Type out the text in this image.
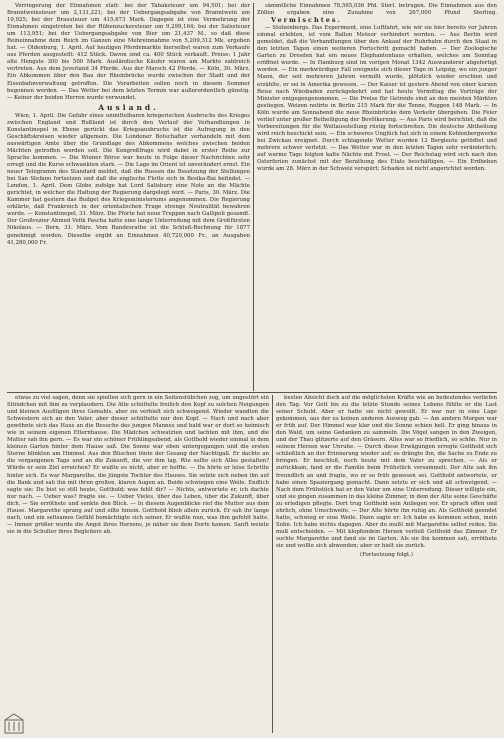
Verringerung der Einnahmen statt: bei der Tabaksteuer um 94,501; bei der Branntweinsteuer um 2,131,221; bei der Uebergangsabgabe von Branntwein um 10,925; bei der Brausteuer um 415,673 Mark. Dagegen ist eine Vermehrung der Einnahmen eingetreten bei der Rübenzuckersteuer um 9,299,164; bei der Salzsteuer um 113,951; bei der Uebergangsabgabe von Bier um 21,437 M., so daß diese Reineinnahme dem Reich im Ganzen eine Mehreinnahme von 5,209,312 Mk. ergeben hat. — Oldenburg, 1. April. Auf heutigen Pferdemarkte hierselbst waren zum Verkaufe aus Pferden ausgestellt: 412 Stück. Davon sind ca. 400 Stück verkauft. Preise: 1 Jahr alte Hengste 300 bis 500 Mark. Ausländische Käufer waren am Markte zahlreich vertreten. Aus dem Jeverland 34 Pferde, Aus der Marsch 42 Pferde. — Köln, 30. März. Ein Abkommen über den Bau der Rheinbrücke wurde zwischen der Stadt und der Eisenbahnverwaltung getroffen. Die Vorarbeiten sollen noch in diesem Sommer begonnen werden. — Das Wetter bei dem letzten Termin war außerordentlich günstig. — Keiner der beiden Herren wurde verwundet.

Ausland.

Wien, 1. April. Die Gefahr eines unmittelbaren kriegerischen Ausbruchs des Krieges zwischen England und Rußland ist durch den Verlauf der Verhandlungen in Konstantinopel in Ebene gerückt das Kriegsausbruchs ist die Aufregung in den Geschäftskreisen wieder allgemein. Die Londoner Botschafter verhandeln mit dem auswärtigen Amte über die Grundlage des Abkommens welches zwischen beiden Mächten getroffen werden soll. Die Kongreßfrage wird dabei in erster Reihe zur Sprache kommen. — Die Wiener Börse war heute in Folge dieser Nachrichten sehr erregt und die Kurse schwankten stark. — Die Lage im Orient ist unverändert ernst. Ein neuer Telegramm des Standard meldet, daß die Russen die Besetzung der Stellungen bei San Stefano fortsetzen und daß die englische Flotte sich in Besika-Bai befindet. — London, 1. April. Dem Globe zufolge hat Lord Salisbury eine Note an die Mächte gerichtet, in welcher die Haltung der Regierung dargelegt wird. — Paris, 30. März. Die Kammer hat gestern das Budget des Kriegsministeriums angenommen. Die Regierung erklärte, daß Frankreich in der orientalischen Frage strenge Neutralität bewahren werde. — Konstantinopel, 31. März. Die Pforte hat neue Truppen nach Gallipoli gesandt. Der Großvezier Ahmed Vefik Pascha hatte eine lange Unterredung mit dem Großfürsten Nikolaus. — Bern, 31. März. Vom Bundesrathe ist die Schluß-Rechnung für 1877 genehmigt worden. Dieselbe ergibt an Einnahmen 40,720,000 Fr., an Ausgaben 41,280,000 Fr.

sämmtliche Einnahmen 78,565,036 Pfd. Sterl. betrugen. Die Einnahmen aus den Zöllen ergaben eine Zunahme von 267,000 Pfund Sterling.Vermischtes.

— Stolzenbergs. Das Experiment, eine Luftfahrt, wie wir sie hier bereits vor Jahren einmal erlebten, ist vom Ballon Meteor verhindert worden. — Aus Berlin wird gemeldet, daß die Verhandlungen über den Ankauf der Ruhrbahn durch den Staat in den letzten Tagen einen weiteren Fortschritt gemacht haben. — Der Zoologische Garten zu Dresden hat ein neues Elephantenhaus erhalten, welches am Sonntag eröffnet wurde. — In Hamburg sind im vorigen Monat 1342 Auswanderer abgefertigt worden. — Ein merkwürdiger Fall ereignete sich dieser Tage in Leipzig, wo ein junger Mann, der seit mehreren Jahren vermißt wurde, plötzlich wieder erschien und erzählte, er sei in Amerika gewesen. — Der Kaiser ist gestern Abend von einer kurzen Reise nach Wiesbaden zurückgekehrt und hat heute Vormittag die Vorträge der Minister entgegengenommen. — Die Preise für Getreide sind an den meisten Märkten gestiegen. Weizen notirte in Berlin 215 Mark für die Tonne, Roggen 148 Mark. — In Köln wurde am Sonnabend die neue Rheinbrücke dem Verkehr übergeben. Die Feier verlief unter großer Betheiligung der Bevölkerung. — Aus Paris wird berichtet, daß die Vorbereitungen für die Weltausstellung rüstig fortschreiten. Die deutsche Abtheilung wird reich beschickt sein. — Ein schweres Unglück hat sich in einem Kohlenbergwerke bei Zwickau ereignet. Durch schlagende Wetter wurden 12 Bergleute getödtet und mehrere schwer verletzt. — Das Wetter war in den letzten Tagen sehr veränderlich; auf warme Tage folgten kalte Nächte mit Frost. — Der Reichstag wird sich nach den Osterferien zunächst mit der Berathung des Etats beschäftigen. — Ein Erdbeben wurde am 28. März in der Schweiz verspürt; Schaden ist nicht angerichtet worden.

etwas zu viel sagen, denn sie spielten sich gern in ein Seitenstübchen zog, um ungestört ein Stündchen mit ihm zu verplaudern. Die Alte schüttelte freilich den Kopf zu solchen Neigungen und kleinen Ausflügen ihres Gemahls, aber sie verhielt sich schweigend. Wieder wandten die Schwestern sich an den Vater, aber dieser schüttelte nur den Kopf. — Nach und nach aber gewöhnte sich das Haus an die Besuche des jungen Mannes und bald war er dort so heimisch wie in seinem eigenen Elternhause. Die Mädchen schwatzten und lachten mit ihm, und die Mutter sah ihn gern. — Es war ein schöner Frühlingsabend, als Gotthold wieder einmal in dem kleinen Garten hinter dem Hause saß. Die Sonne war eben untergegangen und die ersten Sterne blinkten am Himmel. Aus den Büschen tönte der Gesang der Nachtigall. Er dachte an die vergangenen Tage und an die Zukunft, die vor ihm lag. Wie sollte sich Alles gestalten? Würde er sein Ziel erreichen? Er wußte es nicht, aber er hoffte. — Da hörte er leise Schritte hinter sich. Es war Margarethe, die jüngste Tochter des Hauses. Sie setzte sich neben ihn auf die Bank und sah ihn mit ihren großen, klaren Augen an. Beide schwiegen eine Weile. Endlich sagte sie: Du bist so still heute, Gotthold; was fehlt dir? — Nichts, antwortete er, ich dachte nur nach. — Ueber was? fragte sie. — Ueber Vieles, über das Leben, über die Zukunft, über dich. — Sie erröthete und senkte den Blick. — In diesem Augenblicke rief die Mutter aus dem Hause. Margarethe sprang auf und eilte hinein. Gotthold blieb allein zurück. Er sah ihr lange nach, und ein seltsames Gefühl bemächtigte sich seiner. Er wußte nun, was ihm gefehlt hatte. — Immer größer wurde die Angst ihres Herzens, je näher sie dem Dorfe kamen. Sanft weinte sie in die Schulter ihres Begleiters ab.

besten Absicht doch auf die möglichsten Kräfte wie an bedeutendes verliefen den Tag. Vor Gott bis zu die letzte Stunde seines Lebens fühlte er die Last seiner Schuld. Aber er hatte sie nicht gewollt. Er war nur in eine Lage gekommen, aus der es keinen anderen Ausweg gab. — Am andern Morgen war er früh auf. Der Himmel war klar und die Sonne schien hell. Er ging hinaus in den Wald, um seine Gedanken zu sammeln. Die Vögel sangen in den Zweigen, und der Thau glitzerte auf den Gräsern. Alles war so friedlich, so schön. Nur in seinem Herzen war Unruhe. — Durch diese Erwägungen erregte Gotthold sich schließlich an der Erinnerung wieder auf; es drängte ihn, die Sache zu Ende zu bringen. Er beschloß, noch heute mit dem Vater zu sprechen. — Als er zurückkam, fand er die Familie beim Frühstück versammelt. Der Alte sah ihn freundlich an und fragte, wo er so früh gewesen sei. Gotthold antwortete, er habe einen Spaziergang gemacht. Dann setzte er sich und aß schweigend. — Nach dem Frühstück bat er den Vater um eine Unterredung. Dieser willigte ein, und sie gingen zusammen in das kleine Zimmer, in dem der Alte seine Geschäfte zu erledigen pflegte. Dort trug Gotthold sein Anliegen vor. Er sprach offen und ehrlich, ohne Umschweife. — Der Alte hörte ihn ruhig an. Als Gotthold geendet hatte, schwieg er eine Weile. Dann sagte er: Ich habe es kommen sehen, mein Sohn. Ich habe nichts dagegen. Aber du mußt mit Margarethe selbst reden. Sie muß entscheiden. — Mit klopfendem Herzen verließ Gotthold das Zimmer. Er suchte Margarethe und fand sie im Garten. Als sie ihn kommen sah, erröthete sie und wollte sich abwenden; aber er hielt sie zurück.

(Fortsetzung folgt.)
